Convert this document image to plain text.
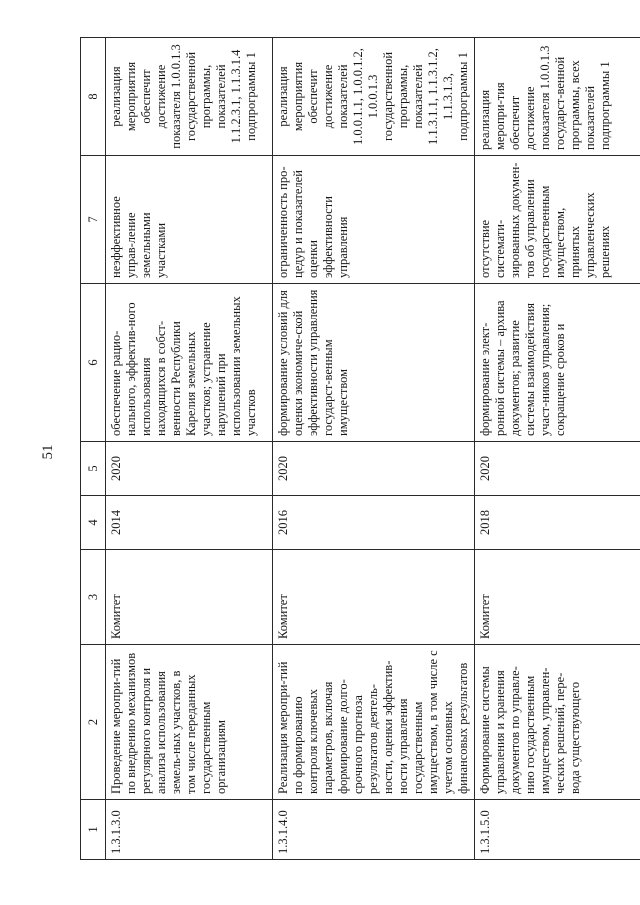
51
1	2	3	4	5	6	7	8
1.3.1.3.0	Проведение меропри-тий по внедрению механизмов регулярного контроля и анализа использования земель-ных участков, в том числе переданных государственным организациям	Комитет	2014	2020	обеспечение рацио-нального, эффектив-ного использования находящихся в собст-венности Республики Карелия земельных участков; устранение нарушений при использовании земельных участков	неэффективное управ-ление земельными участками	реализация мероприятия обеспечит достижение показателя 1.0.0.1.3 государственной программы, показателей 1.1.2.3.1, 1.1.3.1.4 подпрограммы 1
1.3.1.4.0	Реализация меропри-тий по формированию контроля ключевых параметров, включая формирование долго-срочного прогноза результатов деятель-ности, оценки эффектив-ности управления государственным имуществом, в том числе с учетом основных финансовых результатов	Комитет	2016	2020	формирование условий для оценки экономиче-ской эффективности управления государст-венным имуществом	ограниченность про-цедур и показателей оценки эффективности управления	реализация мероприятия обеспечит достижение показателей 1.0.0.1.1, 1.0.0.1.2, 1.0.0.1.3 государственной программы, показателей 1.1.3.1.1, 1.1.3.1.2, 1.1.3.1.3, подпрограммы 1
1.3.1.5.0	Формирование системы управления и хранения документов по управле-нию государственным имуществом, управлен-ческих решений, пере-вода существующего	Комитет	2018	2020	формирование элект-ронной системы – архива документов; развитие системы взаимодействия участ-ников управления; сокращение сроков и	отсутствие системати-зированных докумен-тов об управлении государственным имуществом, принятых управленческих решениях	реализация меропри-тия обеспечит достижение показателя 1.0.0.1.3 государст-венной программы, всех показателей подпрограммы 1
